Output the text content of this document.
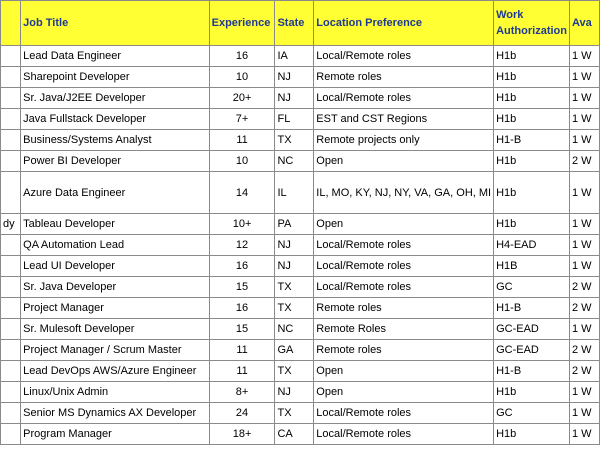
	Job Title	Experience	State	Location Preference	Work Authorization	Ava
	Lead Data Engineer	16	IA	Local/Remote roles	H1b	1 W
	Sharepoint Developer	10	NJ	Remote roles	H1b	1 W
	Sr. Java/J2EE Developer	20+	NJ	Local/Remote roles	H1b	1 W
	Java Fullstack Developer	7+	FL	EST and CST Regions	H1b	1 W
	Business/Systems Analyst	11	TX	Remote projects only	H1-B	1 W
	Power BI Developer	10	NC	Open	H1b	2 W
	Azure Data Engineer	14	IL	IL, MO, KY, NJ, NY, VA, GA, OH, MI	H1b	1 W
dy	Tableau Developer	10+	PA	Open	H1b	1 W
	QA Automation Lead	12	NJ	Local/Remote roles	H4-EAD	1 W
	Lead UI Developer	16	NJ	Local/Remote roles	H1B	1 W
	Sr. Java Developer	15	TX	Local/Remote roles	GC	2 W
	Project Manager	16	TX	Remote roles	H1-B	2 W
	Sr. Mulesoft Developer	15	NC	Remote Roles	GC-EAD	1 W
	Project Manager / Scrum Master	11	GA	Remote roles	GC-EAD	2 W
	Lead DevOps AWS/Azure Engineer	11	TX	Open	H1-B	2 W
	Linux/Unix Admin	8+	NJ	Open	H1b	1 W
	Senior MS Dynamics AX Developer	24	TX	Local/Remote roles	GC	1 W
	Program Manager	18+	CA	Local/Remote roles	H1b	1 W
